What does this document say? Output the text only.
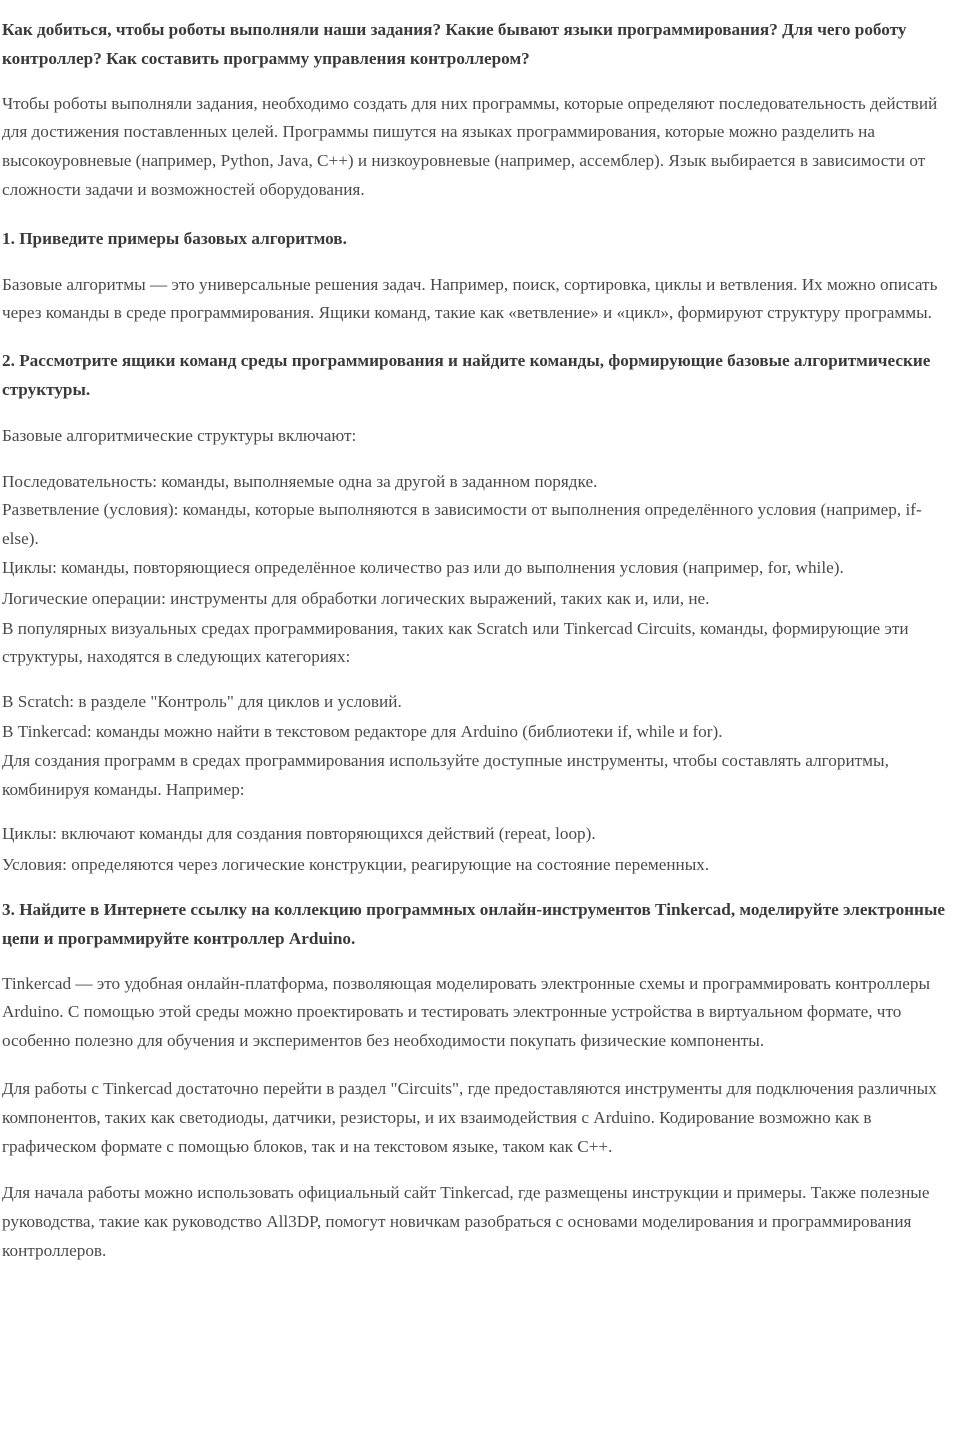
Как добиться, чтобы роботы выполняли наши задания? Какие бывают языки программирования? Для чего роботу контроллер? Как составить программу управления контроллером?

Чтобы роботы выполняли задания, необходимо создать для них программы, которые определяют последовательность действий для достижения поставленных целей. Программы пишутся на языках программирования, которые можно разделить на высокоуровневые (например, Python, Java, C++) и низкоуровневые (например, ассемблер). Язык выбирается в зависимости от сложности задачи и возможностей оборудования.

1. Приведите примеры базовых алгоритмов.

Базовые алгоритмы — это универсальные решения задач. Например, поиск, сортировка, циклы и ветвления. Их можно описать через команды в среде программирования. Ящики команд, такие как «ветвление» и «цикл», формируют структуру программы.

2. Рассмотрите ящики команд среды программирования и найдите команды, формирующие базовые алгоритмические структуры.

Базовые алгоритмические структуры включают:

Последовательность: команды, выполняемые одна за другой в заданном порядке.

Разветвление (условия): команды, которые выполняются в зависимости от выполнения определённого условия (например, if-else).

Циклы: команды, повторяющиеся определённое количество раз или до выполнения условия (например, for, while).

Логические операции: инструменты для обработки логических выражений, таких как и, или, не.

В популярных визуальных средах программирования, таких как Scratch или Tinkercad Circuits, команды, формирующие эти структуры, находятся в следующих категориях:

В Scratch: в разделе "Контроль" для циклов и условий.

В Tinkercad: команды можно найти в текстовом редакторе для Arduino (библиотеки if, while и for).

Для создания программ в средах программирования используйте доступные инструменты, чтобы составлять алгоритмы, комбинируя команды. Например:

Циклы: включают команды для создания повторяющихся действий (repeat, loop).

Условия: определяются через логические конструкции, реагирующие на состояние переменных.

3. Найдите в Интернете ссылку на коллекцию программных онлайн-инструментов Tinkercad, моделируйте электронные цепи и программируйте контроллер Arduino.

Tinkercad — это удобная онлайн-платформа, позволяющая моделировать электронные схемы и программировать контроллеры Arduino. С помощью этой среды можно проектировать и тестировать электронные устройства в виртуальном формате, что особенно полезно для обучения и экспериментов без необходимости покупать физические компоненты.

Для работы с Tinkercad достаточно перейти в раздел "Circuits", где предоставляются инструменты для подключения различных компонентов, таких как светодиоды, датчики, резисторы, и их взаимодействия с Arduino. Кодирование возможно как в графическом формате с помощью блоков, так и на текстовом языке, таком как C++.

Для начала работы можно использовать официальный сайт Tinkercad, где размещены инструкции и примеры. Также полезные руководства, такие как руководство All3DP, помогут новичкам разобраться с основами моделирования и программирования контроллеров.
